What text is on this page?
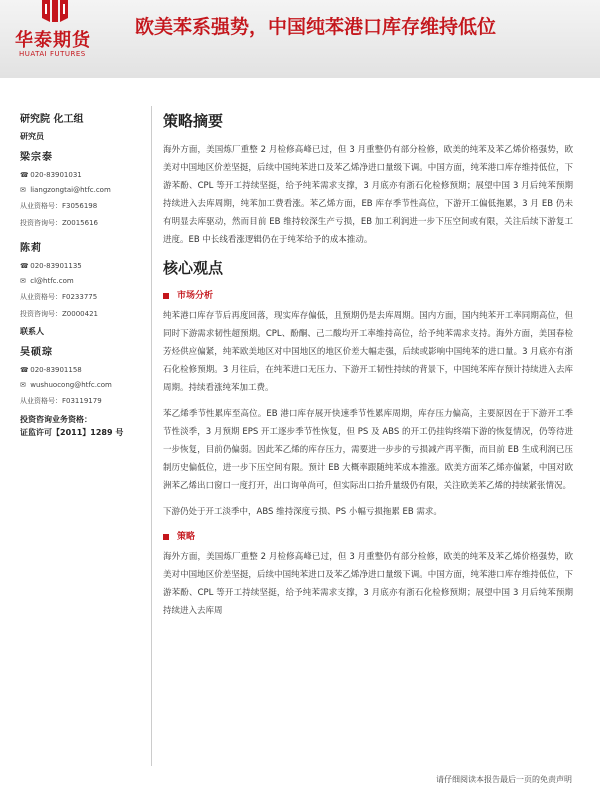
华泰期货
HUATAI FUTURES
欧美苯系强势，中国纯苯港口库存维持低位
研究院 化工组
研究员
梁宗泰
☎ 020-83901031
✉ liangzongtai@htfc.com
从业资格号：F3056198
投资咨询号：Z0015616
陈莉
☎ 020-83901135
✉ cl@htfc.com
从业资格号：F0233775
投资咨询号：Z0000421
联系人
吴硕琮
☎ 020-83901158
✉ wushuocong@htfc.com
从业资格号：F03119179
投资咨询业务资格：
证监许可【2011】1289 号
策略摘要

海外方面，美国炼厂重整 2 月检修高峰已过，但 3 月重整仍有部分检修，欧美的纯苯及苯乙烯价格强势，欧美对中国地区价差坚挺，后续中国纯苯进口及苯乙烯净进口量级下调。中国方面，纯苯港口库存维持低位，下游苯酚、CPL 等开工持续坚挺，给予纯苯需求支撑，3 月底亦有浙石化检修预期；展望中国 3 月后纯苯预期持续进入去库周期，纯苯加工费看涨。苯乙烯方面，EB 库存季节性高位，下游开工偏低拖累，3 月 EB 仍未有明显去库驱动，然而目前 EB 维持较深生产亏损，EB 加工利润进一步下压空间或有限，关注后续下游复工进度。EB 中长线看涨逻辑仍在于纯苯给予的成本推动。

核心观点
市场分析

纯苯港口库存节后再度回落，现实库存偏低，且预期仍是去库周期。国内方面，国内纯苯开工率同期高位，但同时下游需求韧性超预期。CPL、酚酮、己二酸均开工率维持高位，给予纯苯需求支持。海外方面，美国春检芳烃供应偏紧，纯苯欧美地区对中国地区的地区价差大幅走强，后续或影响中国纯苯的进口量。3 月底亦有浙石化检修预期。3 月往后，在纯苯进口无压力、下游开工韧性持续的背景下，中国纯苯库存预计持续进入去库周期。持续看涨纯苯加工费。

苯乙烯季节性累库至高位。EB 港口库存展开快速季节性累库周期，库存压力偏高，主要原因在于下游开工季节性淡季，3 月预期 EPS 开工逐步季节性恢复，但 PS 及 ABS 的开工仍挂钩终端下游的恢复情况，仍等待进一步恢复，目前仍偏弱。因此苯乙烯的库存压力，需要进一步步的亏损减产再平衡，而目前 EB 生成利润已压制历史偏低位，进一步下压空间有限。预计 EB 大概率跟随纯苯成本推涨。欧美方面苯乙烯亦偏紧，中国对欧洲苯乙烯出口窗口一度打开，出口询单尚可，但实际出口抬升量级仍有限，关注欧美苯乙烯的持续紧张情况。

下游仍处于开工淡季中，ABS 维持深度亏损、PS 小幅亏损拖累 EB 需求。

策略

海外方面，美国炼厂重整 2 月检修高峰已过，但 3 月重整仍有部分检修，欧美的纯苯及苯乙烯价格强势，欧美对中国地区价差坚挺，后续中国纯苯进口及苯乙烯净进口量级下调。中国方面，纯苯港口库存维持低位，下游苯酚、CPL 等开工持续坚挺，给予纯苯需求支撑，3 月底亦有浙石化检修预期；展望中国 3 月后纯苯预期持续进入去库周

请仔细阅读本报告最后一页的免责声明
